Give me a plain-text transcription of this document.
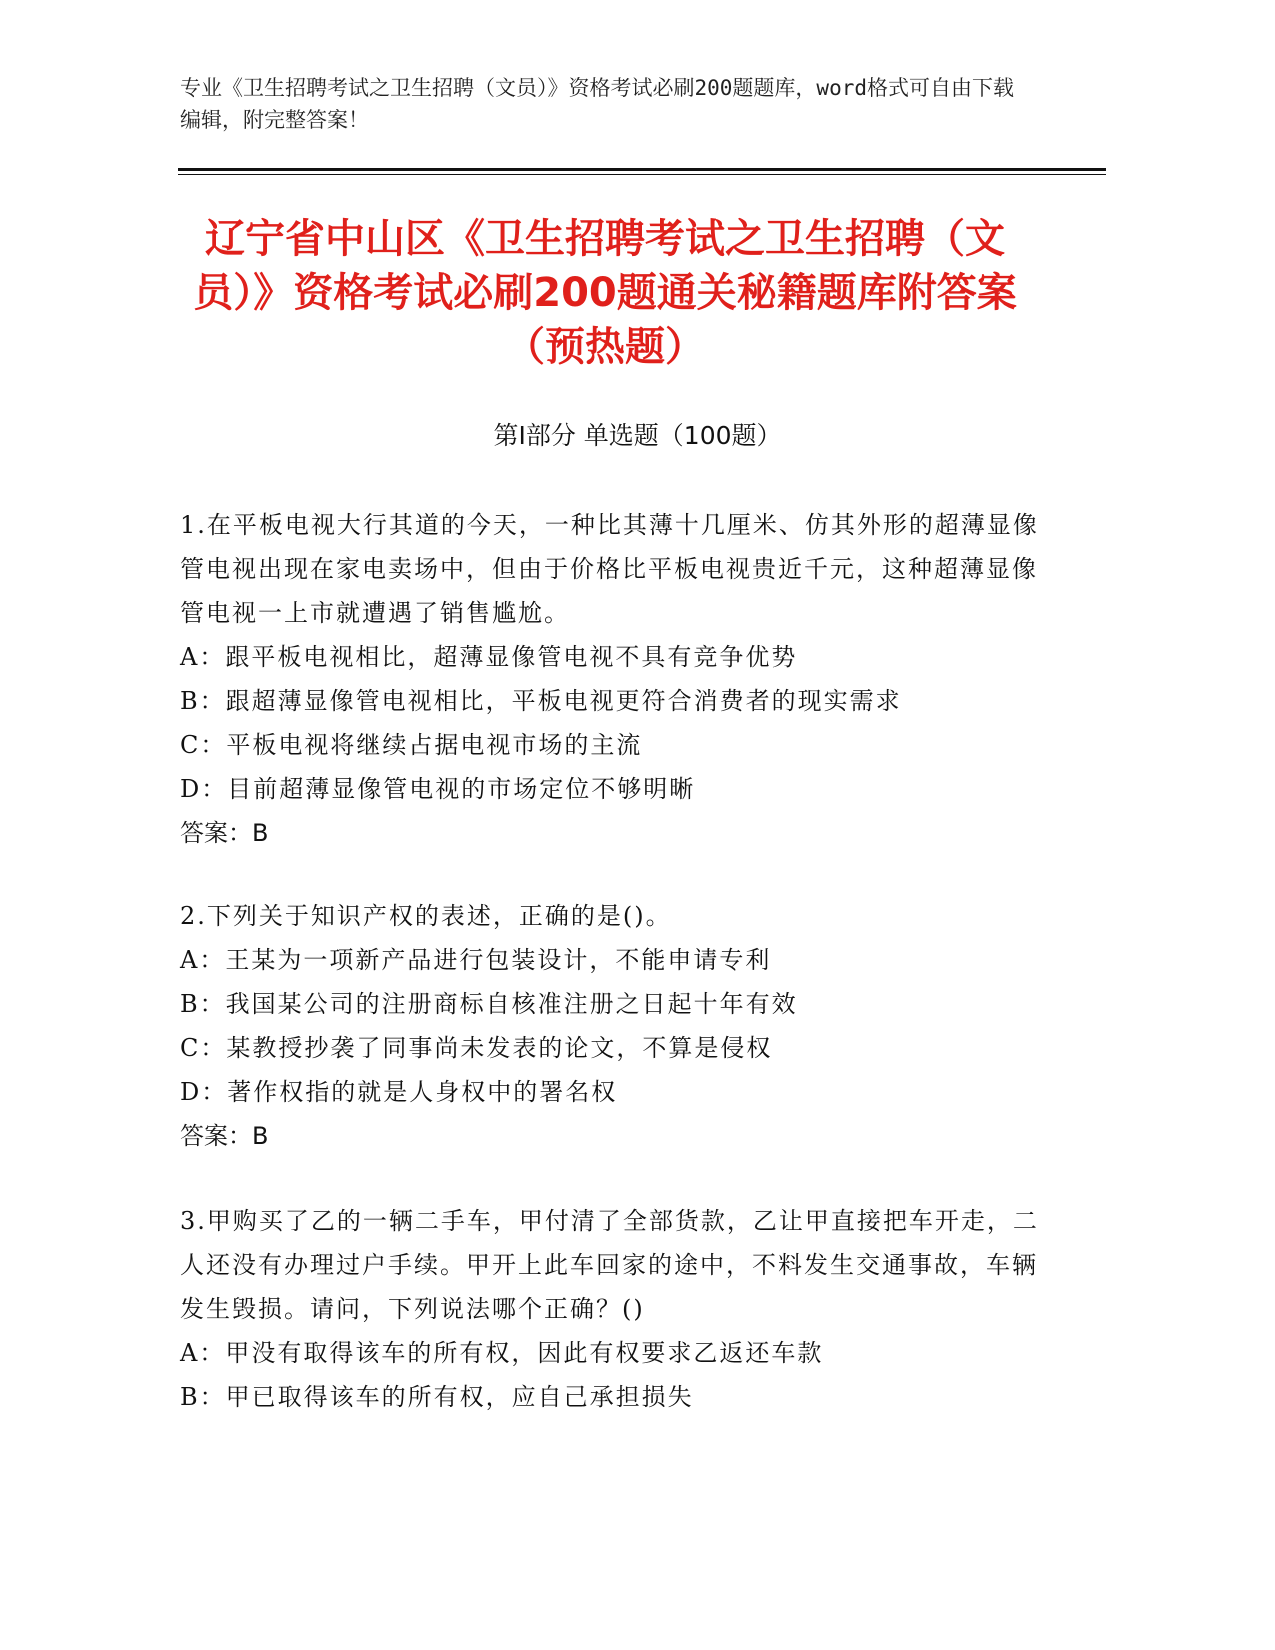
专业《卫生招聘考试之卫生招聘（文员）》资格考试必刷200题题库，word格式可自由下载编辑，附完整答案！
辽宁省中山区《卫生招聘考试之卫生招聘（文员）》资格考试必刷200题通关秘籍题库附答案（预热题）
第Ⅰ部分 单选题（100题）

1.在平板电视大行其道的今天，一种比其薄十几厘米、仿其外形的超薄显像管电视出现在家电卖场中，但由于价格比平板电视贵近千元，这种超薄显像管电视一上市就遭遇了销售尴尬。

A：跟平板电视相比，超薄显像管电视不具有竞争优势

B：跟超薄显像管电视相比，平板电视更符合消费者的现实需求

C：平板电视将继续占据电视市场的主流

D：目前超薄显像管电视的市场定位不够明晰

答案：B

2.下列关于知识产权的表述，正确的是()。

A：王某为一项新产品进行包装设计，不能申请专利

B：我国某公司的注册商标自核准注册之日起十年有效

C：某教授抄袭了同事尚未发表的论文，不算是侵权

D：著作权指的就是人身权中的署名权

答案：B

3.甲购买了乙的一辆二手车，甲付清了全部货款，乙让甲直接把车开走，二人还没有办理过户手续。甲开上此车回家的途中，不料发生交通事故，车辆发生毁损。请问，下列说法哪个正确？()

A：甲没有取得该车的所有权，因此有权要求乙返还车款

B：甲已取得该车的所有权，应自己承担损失
